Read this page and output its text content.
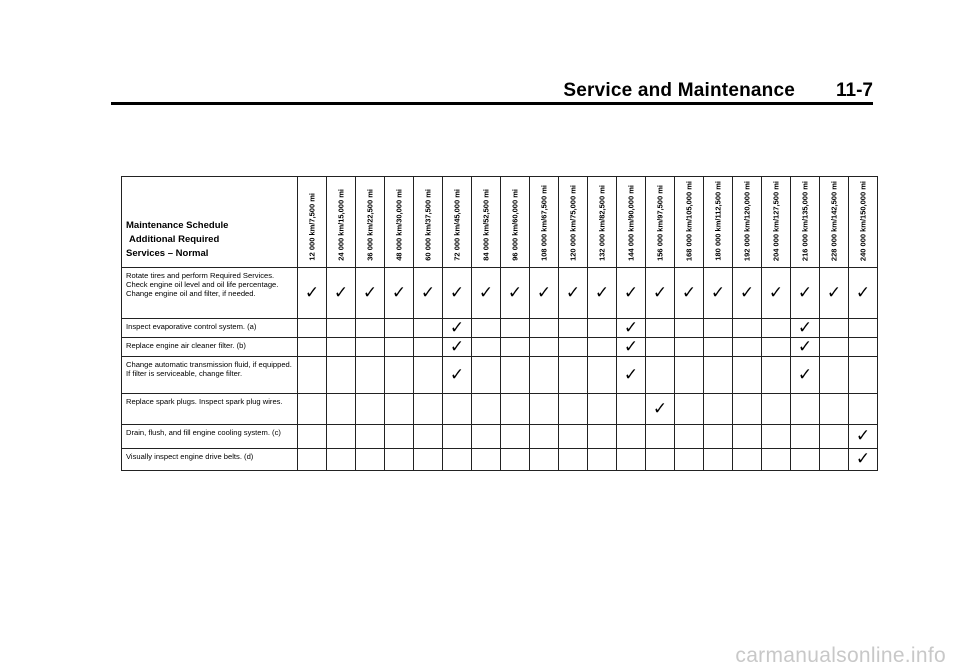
Service and Maintenance 11-7
Maintenance Schedule
Additional Required
Services – Normal	12 000 km/7,500 mi	24 000 km/15,000 mi	36 000 km/22,500 mi	48 000 km/30,000 mi	60 000 km/37,500 mi	72 000 km/45,000 mi	84 000 km/52,500 mi	96 000 km/60,000 mi	108 000 km/67,500 mi	120 000 km/75,000 mi	132 000 km/82,500 mi	144 000 km/90,000 mi	156 000 km/97,500 mi	168 000 km/105,000 mi	180 000 km/112,500 mi	192 000 km/120,000 mi	204 000 km/127,500 mi	216 000 km/135,000 mi	228 000 km/142,500 mi	240 000 km/150,000 mi

Rotate tires and perform Required Services. Check engine oil level and oil life percentage. Change engine oil and filter, if needed.	✓	✓	✓	✓	✓	✓	✓	✓	✓	✓	✓	✓	✓	✓	✓	✓	✓	✓	✓	✓
Inspect evaporative control system. (a)						✓						✓						✓		
Replace engine air cleaner filter. (b)						✓						✓						✓		
Change automatic transmission fluid, if equipped. If filter is serviceable, change filter.						✓						✓						✓		
Replace spark plugs. Inspect spark plug wires.													✓							
Drain, flush, and fill engine cooling system. (c)																				✓
Visually inspect engine drive belts. (d)																				✓
carmanualsonline.info
